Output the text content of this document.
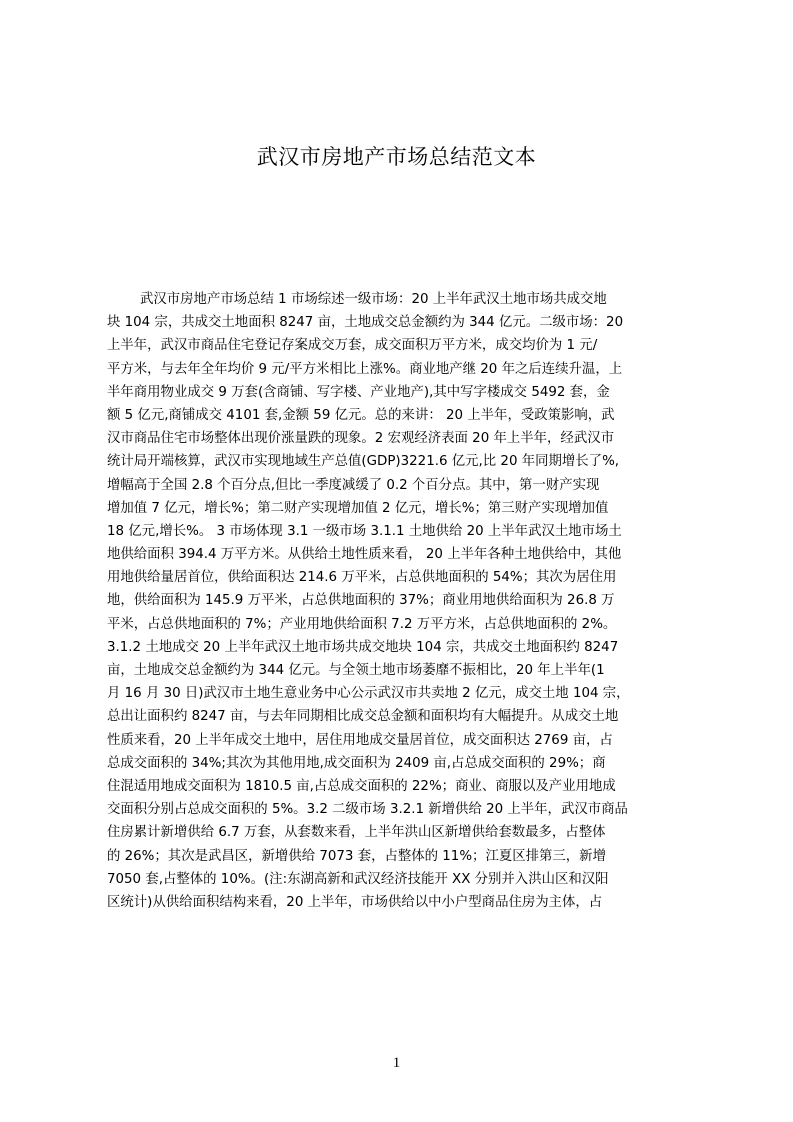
武汉市房地产市场总结范文本
武汉市房地产市场总结 1 市场综述一级市场：20 上半年武汉土地市场共成交地
块 104 宗，共成交土地面积 8247 亩，土地成交总金额约为 344 亿元。二级市场：20
上半年，武汉市商品住宅登记存案成交万套，成交面积万平方米，成交均价为 1 元/
平方米，与去年全年均价 9 元/平方米相比上涨%。商业地产继 20 年之后连续升温，上
半年商用物业成交 9 万套(含商铺、写字楼、产业地产),其中写字楼成交 5492 套，金
额 5 亿元,商铺成交 4101 套,金额 59 亿元。总的来讲： 20 上半年，受政策影响，武
汉市商品住宅市场整体出现价涨量跌的现象。2 宏观经济表面 20 年上半年，经武汉市
统计局开端核算，武汉市实现地域生产总值(GDP)3221.6 亿元,比 20 年同期增长了%,
增幅高于全国 2.8 个百分点,但比一季度减缓了 0.2 个百分点。其中，第一财产实现
增加值 7 亿元，增长%；第二财产实现增加值 2 亿元，增长%；第三财产实现增加值
18 亿元,增长%。 3 市场体现 3.1 一级市场 3.1.1 土地供给 20 上半年武汉土地市场土
地供给面积 394.4 万平方米。从供给土地性质来看， 20 上半年各种土地供给中，其他
用地供给量居首位，供给面积达 214.6 万平米，占总供地面积的 54%；其次为居住用
地，供给面积为 145.9 万平米，占总供地面积的 37%；商业用地供给面积为 26.8 万
平米，占总供地面积的 7%；产业用地供给面积 7.2 万平方米，占总供地面积的 2%。
3.1.2 土地成交 20 上半年武汉土地市场共成交地块 104 宗，共成交土地面积约 8247
亩，土地成交总金额约为 344 亿元。与全领土地市场萎靡不振相比，20 年上半年(1
月 16 月 30 日)武汉市土地生意业务中心公示武汉市共卖地 2 亿元，成交土地 104 宗，
总出让面积约 8247 亩，与去年同期相比成交总金额和面积均有大幅提升。从成交土地
性质来看，20 上半年成交土地中，居住用地成交量居首位，成交面积达 2769 亩，占
总成交面积的 34%;其次为其他用地,成交面积为 2409 亩,占总成交面积的 29%；商
住混适用地成交面积为 1810.5 亩,占总成交面积的 22%；商业、商服以及产业用地成
交面积分别占总成交面积的 5%。3.2 二级市场 3.2.1 新增供给 20 上半年，武汉市商品
住房累计新增供给 6.7 万套，从套数来看，上半年洪山区新增供给套数最多，占整体
的 26%；其次是武昌区，新增供给 7073 套，占整体的 11%；江夏区排第三，新增
7050 套,占整体的 10%。(注:东湖高新和武汉经济技能开 XX 分别并入洪山区和汉阳
区统计)从供给面积结构来看，20 上半年，市场供给以中小户型商品住房为主体，占
1
